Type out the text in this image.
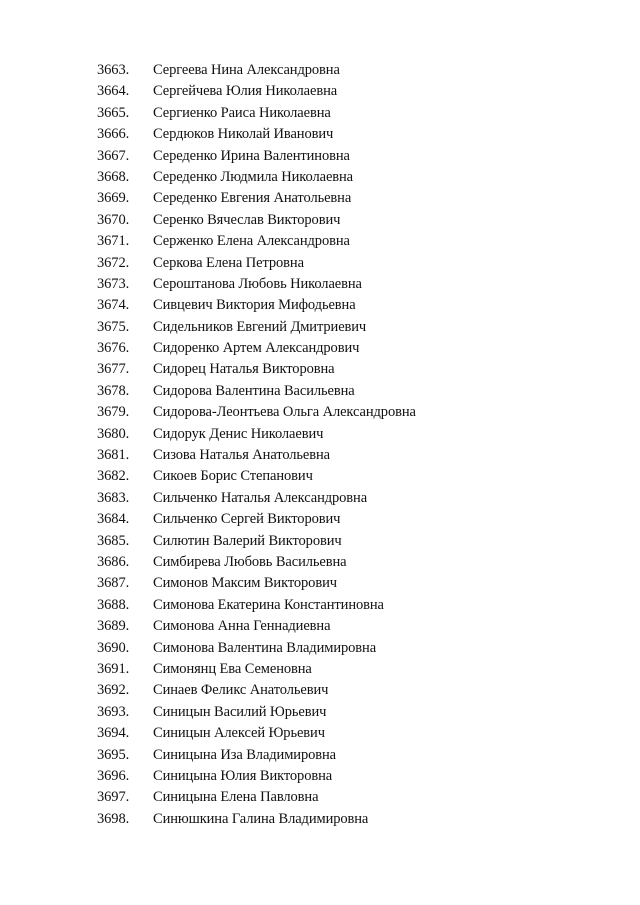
3663. Сергеева Нина Александровна
3664. Сергейчева Юлия Николаевна
3665. Сергиенко Раиса Николаевна
3666. Сердюков Николай Иванович
3667. Середенко Ирина Валентиновна
3668. Середенко Людмила Николаевна
3669. Середенко Евгения Анатольевна
3670. Серенко Вячеслав Викторович
3671. Серженко Елена Александровна
3672. Серкова Елена Петровна
3673. Сероштанова Любовь Николаевна
3674. Сивцевич Виктория Мифодьевна
3675. Сидельников Евгений Дмитриевич
3676. Сидоренко Артем Александрович
3677. Сидорец Наталья Викторовна
3678. Сидорова Валентина Васильевна
3679. Сидорова-Леонтьева Ольга Александровна
3680. Сидорук Денис Николаевич
3681. Сизова Наталья Анатольевна
3682. Сикоев Борис Степанович
3683. Сильченко Наталья Александровна
3684. Сильченко Сергей Викторович
3685. Силютин Валерий Викторович
3686. Симбирева Любовь Васильевна
3687. Симонов Максим Викторович
3688. Симонова Екатерина Константиновна
3689. Симонова Анна Геннадиевна
3690. Симонова Валентина Владимировна
3691. Симонянц Ева Семеновна
3692. Синаев Феликс Анатольевич
3693. Синицын Василий Юрьевич
3694. Синицын Алексей Юрьевич
3695. Синицына Иза Владимировна
3696. Синицына Юлия Викторовна
3697. Синицына Елена Павловна
3698. Синюшкина Галина Владимировна
